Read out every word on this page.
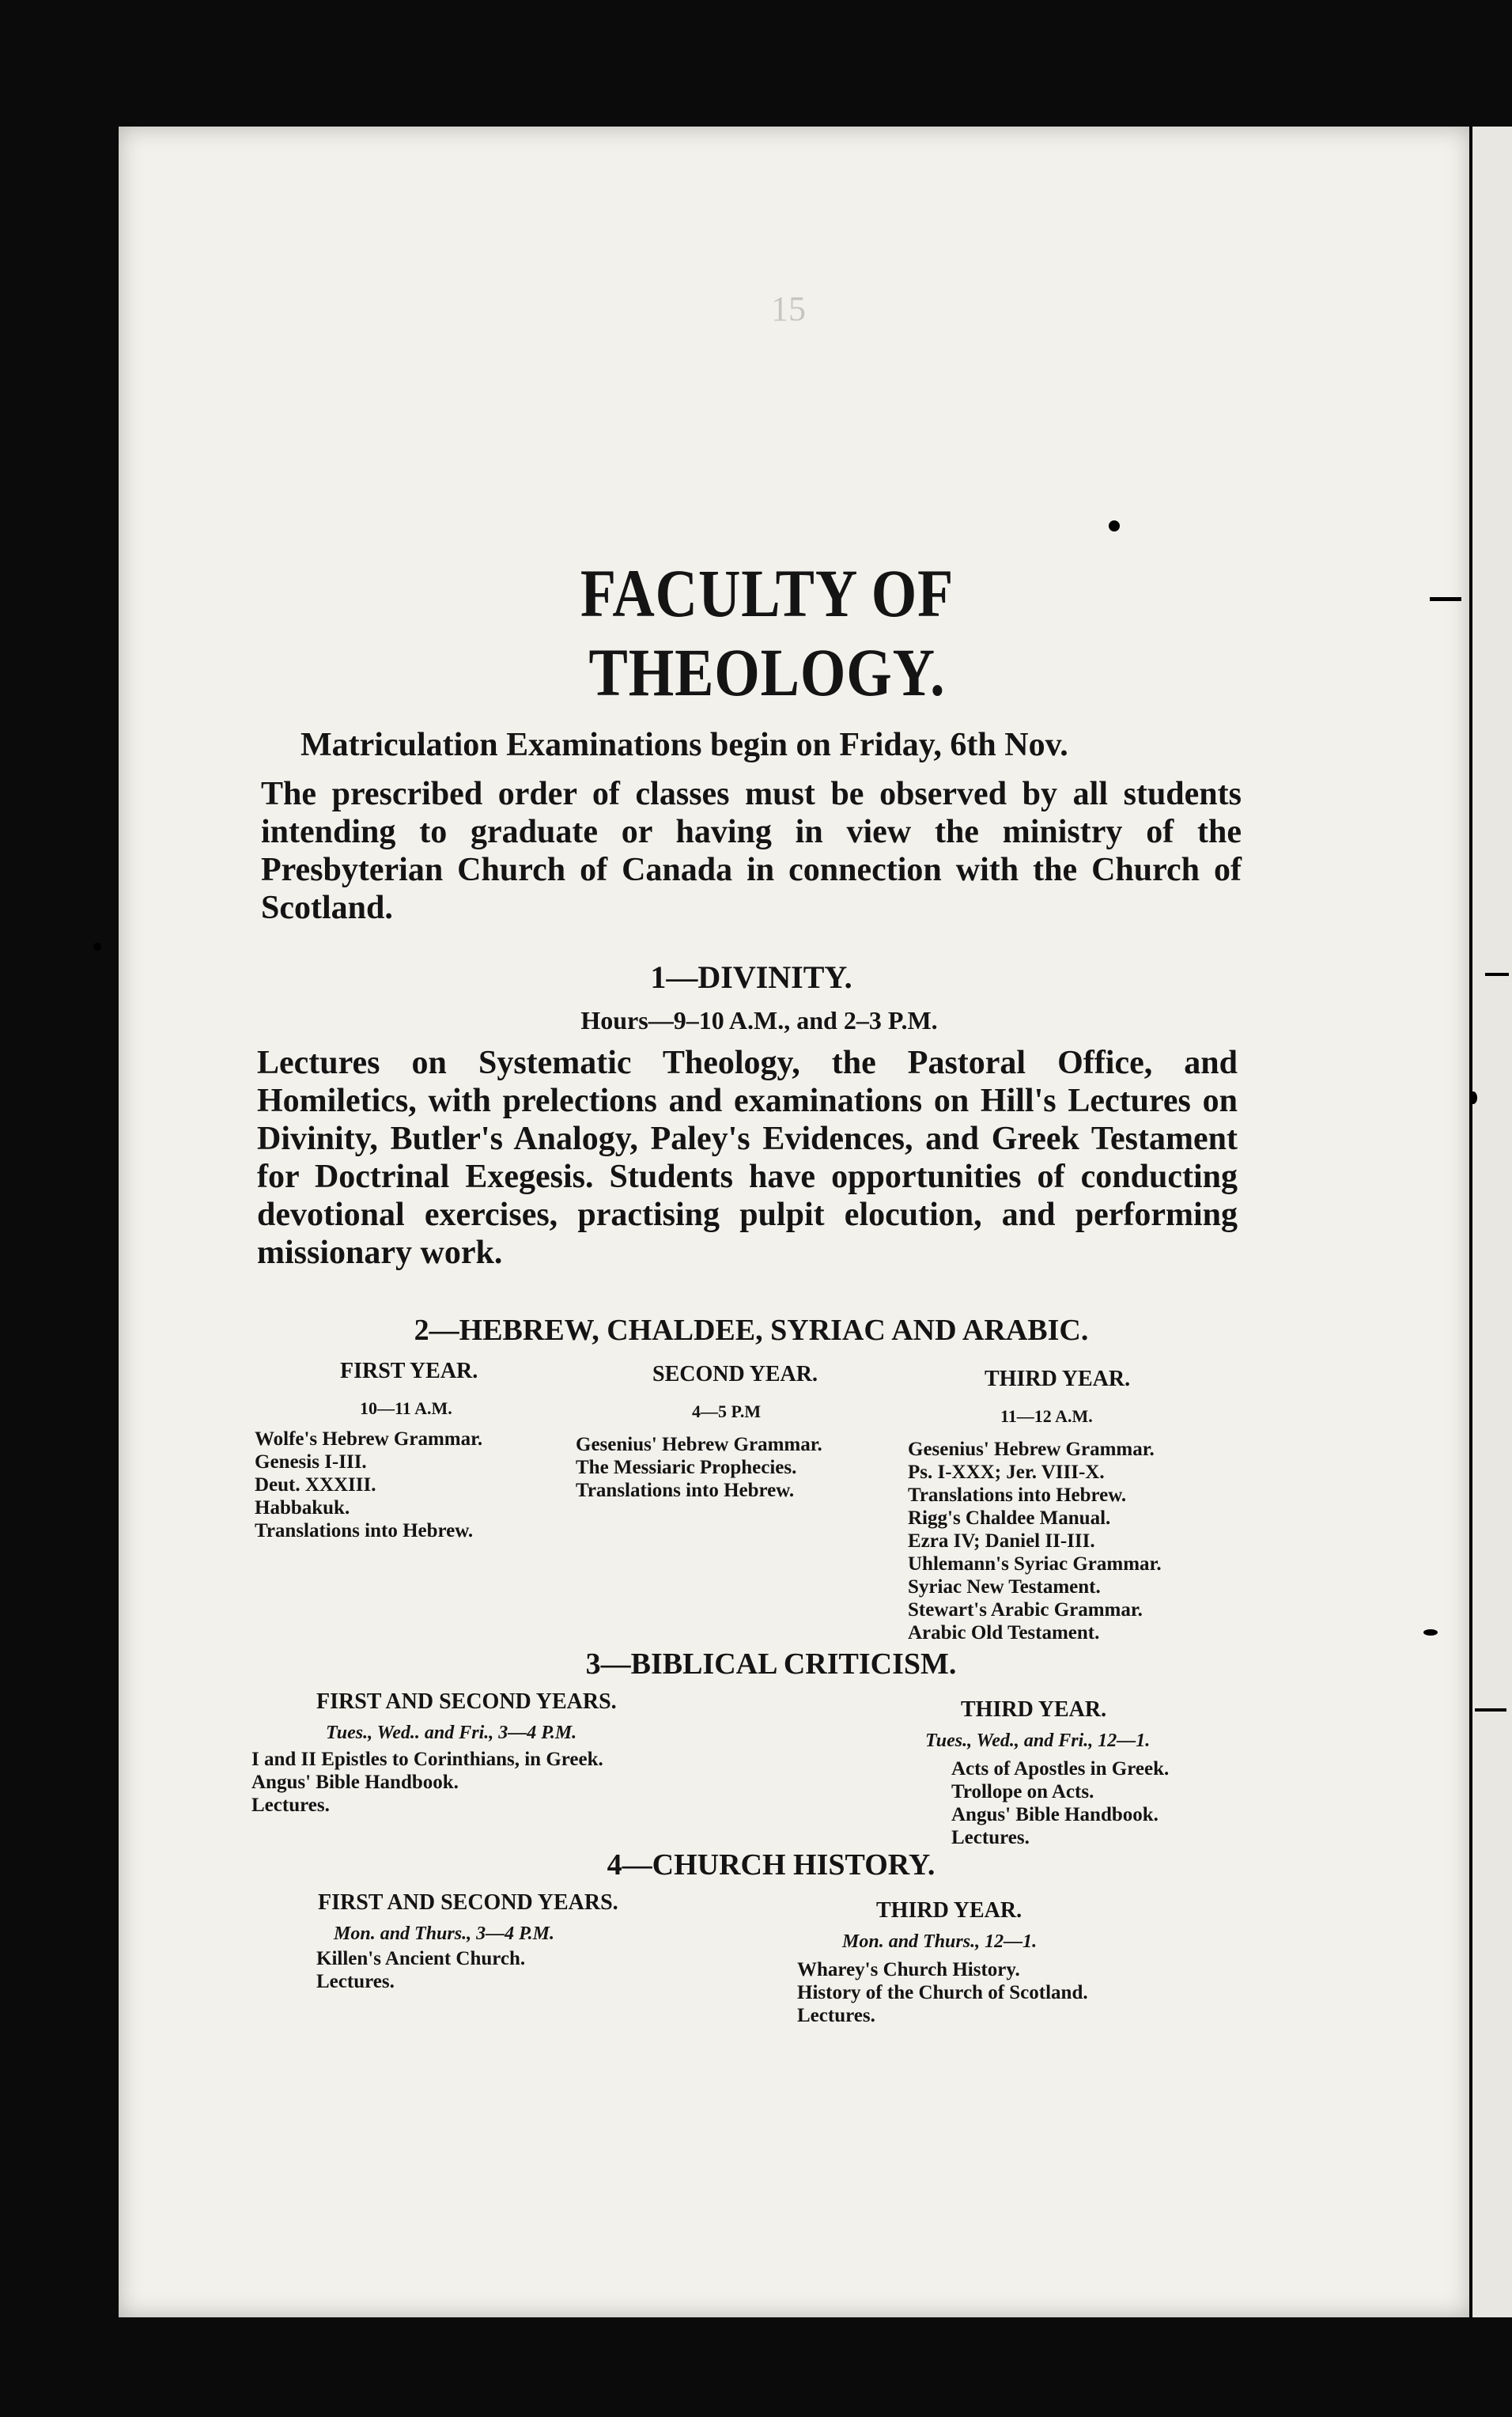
15
FACULTY OF THEOLOGY.

Matriculation Examinations begin on Friday, 6th Nov.

The prescribed order of classes must be observed by all students intending to graduate or having in view the ministry of the Presbyterian Church of Canada in connection with the Church of Scotland.

1—DIVINITY.

Hours—9–10 A.M., and 2–3 P.M.

Lectures on Systematic Theology, the Pastoral Office, and Homiletics, with prelections and examinations on Hill's Lectures on Divinity, Butler's Analogy, Paley's Evidences, and Greek Testament for Doctrinal Exegesis. Students have opportunities of conducting devotional exercises, practising pulpit elocution, and performing missionary work.

2—HEBREW, CHALDEE, SYRIAC AND ARABIC.
FIRST YEAR.
10—11 A.M.
Wolfe's Hebrew Grammar.
Genesis I-III.
Deut. XXXIII.
Habbakuk.
Translations into Hebrew.
SECOND YEAR.
4—5 P.M
Gesenius' Hebrew Grammar.
The Messiaric Prophecies.
Translations into Hebrew.
THIRD YEAR.
11—12 A.M.
Gesenius' Hebrew Grammar.
Ps. I-XXX; Jer. VIII-X.
Translations into Hebrew.
Rigg's Chaldee Manual.
Ezra IV; Daniel II-III.
Uhlemann's Syriac Grammar.
Syriac New Testament.
Stewart's Arabic Grammar.
Arabic Old Testament.
3—BIBLICAL CRITICISM.
FIRST AND SECOND YEARS.
Tues., Wed.. and Fri., 3—4 P.M.
I and II Epistles to Corinthians, in Greek.
Angus' Bible Handbook.
Lectures.
THIRD YEAR.
Tues., Wed., and Fri., 12—1.
Acts of Apostles in Greek.
Trollope on Acts.
Angus' Bible Handbook.
Lectures.
4—CHURCH HISTORY.
FIRST AND SECOND YEARS.
Mon. and Thurs., 3—4 P.M.
Killen's Ancient Church.
Lectures.
THIRD YEAR.
Mon. and Thurs., 12—1.
Wharey's Church History.
History of the Church of Scotland.
Lectures.
